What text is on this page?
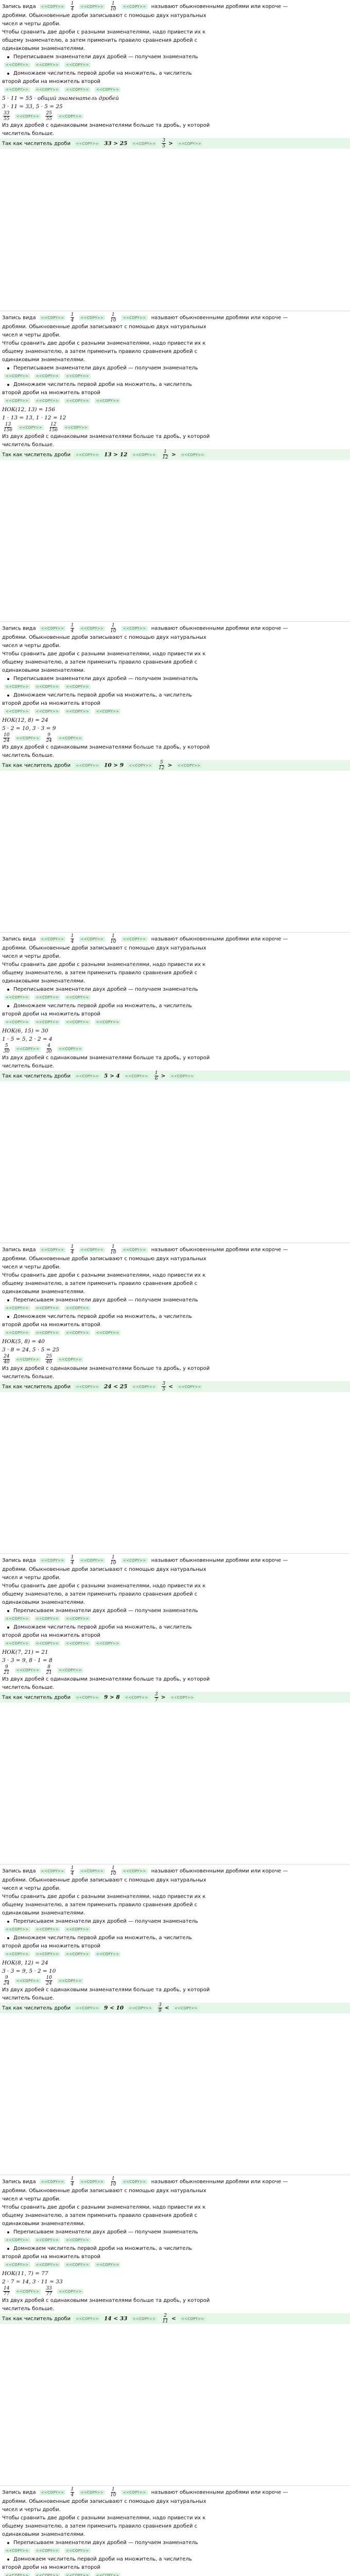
Запись вида <<COPY>> $\frac{1}{4}$ <<COPY>> $\frac{1}{10}$ <<COPY>> называют обыкновенными дробями или короче —

дробями. Обыкновенные дроби записывают с помощью двух натуральных

чисел и черты дроби.

Чтобы сравнить две дроби с разными знаменателями, надо привести их к

общему знаменателю, а затем применить правило сравнения дробей с

одинаковыми знаменателями.

Переписываем знаменатели двух дробей — получаем знаменатель

<<COPY>> <<COPY>> <<COPY>>

Домножаем числитель первой дроби на множитель, а числитель

второй дроби на множитель второй

<<COPY>> <<COPY>> <<COPY>> <<COPY>>

5 · 11 = 55 · общий знаменатель дробей

3 · 11 = 33, 5 · 5 = 25

$\frac{33}{55}$ <<COPY>> $\frac{25}{55}$ <<COPY>>

Из двух дробей с одинаковыми знаменателями больше та дробь, у которой

числитель больше.

Так как числитель дроби <<COPY>> 33 > 25 <<COPY>> $\frac{3}{5}$ > <<COPY>>

Запись вида <<COPY>> $\frac{1}{4}$ <<COPY>> $\frac{1}{10}$ <<COPY>> называют обыкновенными дробями или короче —

дробями. Обыкновенные дроби записывают с помощью двух натуральных

чисел и черты дроби.

Чтобы сравнить две дроби с разными знаменателями, надо привести их к

общему знаменателю, а затем применить правило сравнения дробей с

одинаковыми знаменателями.

Переписываем знаменатели двух дробей — получаем знаменатель

<<COPY>> <<COPY>> <<COPY>>

Домножаем числитель первой дроби на множитель, а числитель

второй дроби на множитель второй

<<COPY>> <<COPY>> <<COPY>> <<COPY>>

НОК(12, 13) = 156

1 · 13 = 13, 1 · 12 = 12

$\frac{13}{156}$ <<COPY>> $\frac{12}{156}$ <<COPY>>

Из двух дробей с одинаковыми знаменателями больше та дробь, у которой

числитель больше.

Так как числитель дроби <<COPY>> 13 > 12 <<COPY>> $\frac{1}{12}$ > <<COPY>>

Запись вида <<COPY>> $\frac{1}{4}$ <<COPY>> $\frac{1}{10}$ <<COPY>> называют обыкновенными дробями или короче —

дробями. Обыкновенные дроби записывают с помощью двух натуральных

чисел и черты дроби.

Чтобы сравнить две дроби с разными знаменателями, надо привести их к

общему знаменателю, а затем применить правило сравнения дробей с

одинаковыми знаменателями.

Переписываем знаменатели двух дробей — получаем знаменатель

<<COPY>> <<COPY>> <<COPY>>

Домножаем числитель первой дроби на множитель, а числитель

второй дроби на множитель второй

<<COPY>> <<COPY>> <<COPY>> <<COPY>>

НОК(12, 8) = 24

5 · 2 = 10, 3 · 3 = 9

$\frac{10}{24}$ <<COPY>> $\frac{9}{24}$ <<COPY>>

Из двух дробей с одинаковыми знаменателями больше та дробь, у которой

числитель больше.

Так как числитель дроби <<COPY>> 10 > 9 <<COPY>> $\frac{5}{12}$ > <<COPY>>

Запись вида <<COPY>> $\frac{1}{4}$ <<COPY>> $\frac{1}{10}$ <<COPY>> называют обыкновенными дробями или короче —

дробями. Обыкновенные дроби записывают с помощью двух натуральных

чисел и черты дроби.

Чтобы сравнить две дроби с разными знаменателями, надо привести их к

общему знаменателю, а затем применить правило сравнения дробей с

одинаковыми знаменателями.

Переписываем знаменатели двух дробей — получаем знаменатель

<<COPY>> <<COPY>> <<COPY>>

Домножаем числитель первой дроби на множитель, а числитель

второй дроби на множитель второй

<<COPY>> <<COPY>> <<COPY>> <<COPY>>

НОК(6, 15) = 30

1 · 5 = 5, 2 · 2 = 4

$\frac{5}{30}$ <<COPY>> $\frac{4}{30}$ <<COPY>>

Из двух дробей с одинаковыми знаменателями больше та дробь, у которой

числитель больше.

Так как числитель дроби <<COPY>> 5 > 4 <<COPY>> $\frac{1}{6}$ > <<COPY>>

Запись вида <<COPY>> $\frac{1}{4}$ <<COPY>> $\frac{1}{10}$ <<COPY>> называют обыкновенными дробями или короче —

дробями. Обыкновенные дроби записывают с помощью двух натуральных

чисел и черты дроби.

Чтобы сравнить две дроби с разными знаменателями, надо привести их к

общему знаменателю, а затем применить правило сравнения дробей с

одинаковыми знаменателями.

Переписываем знаменатели двух дробей — получаем знаменатель

<<COPY>> <<COPY>> <<COPY>>

Домножаем числитель первой дроби на множитель, а числитель

второй дроби на множитель второй

<<COPY>> <<COPY>> <<COPY>> <<COPY>>

НОК(5, 8) = 40

3 · 8 = 24, 5 · 5 = 25

$\frac{24}{40}$ <<COPY>> $\frac{25}{40}$ <<COPY>>

Из двух дробей с одинаковыми знаменателями больше та дробь, у которой

числитель больше.

Так как числитель дроби <<COPY>> 24 < 25 <<COPY>> $\frac{3}{5}$ < <<COPY>>

Запись вида <<COPY>> $\frac{1}{4}$ <<COPY>> $\frac{1}{10}$ <<COPY>> называют обыкновенными дробями или короче —

дробями. Обыкновенные дроби записывают с помощью двух натуральных

чисел и черты дроби.

Чтобы сравнить две дроби с разными знаменателями, надо привести их к

общему знаменателю, а затем применить правило сравнения дробей с

одинаковыми знаменателями.

Переписываем знаменатели двух дробей — получаем знаменатель

<<COPY>> <<COPY>> <<COPY>>

Домножаем числитель первой дроби на множитель, а числитель

второй дроби на множитель второй

<<COPY>> <<COPY>> <<COPY>> <<COPY>>

НОК(7, 21) = 21

3 · 3 = 9, 8 · 1 = 8

$\frac{9}{21}$ <<COPY>> $\frac{8}{21}$ <<COPY>>

Из двух дробей с одинаковыми знаменателями больше та дробь, у которой

числитель больше.

Так как числитель дроби <<COPY>> 9 > 8 <<COPY>> $\frac{3}{7}$ > <<COPY>>

Запись вида <<COPY>> $\frac{1}{4}$ <<COPY>> $\frac{1}{10}$ <<COPY>> называют обыкновенными дробями или короче —

дробями. Обыкновенные дроби записывают с помощью двух натуральных

чисел и черты дроби.

Чтобы сравнить две дроби с разными знаменателями, надо привести их к

общему знаменателю, а затем применить правило сравнения дробей с

одинаковыми знаменателями.

Переписываем знаменатели двух дробей — получаем знаменатель

<<COPY>> <<COPY>> <<COPY>>

Домножаем числитель первой дроби на множитель, а числитель

второй дроби на множитель второй

<<COPY>> <<COPY>> <<COPY>> <<COPY>>

НОК(8, 12) = 24

3 · 3 = 9, 5 · 2 = 10

$\frac{9}{24}$ <<COPY>> $\frac{10}{24}$ <<COPY>>

Из двух дробей с одинаковыми знаменателями больше та дробь, у которой

числитель больше.

Так как числитель дроби <<COPY>> 9 < 10 <<COPY>> $\frac{3}{8}$ < <<COPY>>

Запись вида <<COPY>> $\frac{1}{4}$ <<COPY>> $\frac{1}{10}$ <<COPY>> называют обыкновенными дробями или короче —

дробями. Обыкновенные дроби записывают с помощью двух натуральных

чисел и черты дроби.

Чтобы сравнить две дроби с разными знаменателями, надо привести их к

общему знаменателю, а затем применить правило сравнения дробей с

одинаковыми знаменателями.

Переписываем знаменатели двух дробей — получаем знаменатель

<<COPY>> <<COPY>> <<COPY>>

Домножаем числитель первой дроби на множитель, а числитель

второй дроби на множитель второй

<<COPY>> <<COPY>> <<COPY>> <<COPY>>

НОК(11, 7) = 77

2 · 7 = 14, 3 · 11 = 33

$\frac{14}{77}$ <<COPY>> $\frac{33}{77}$ <<COPY>>

Из двух дробей с одинаковыми знаменателями больше та дробь, у которой

числитель больше.

Так как числитель дроби <<COPY>> 14 < 33 <<COPY>> $\frac{2}{11}$ < <<COPY>>

Запись вида <<COPY>> $\frac{1}{4}$ <<COPY>> $\frac{1}{10}$ <<COPY>> называют обыкновенными дробями или короче —

дробями. Обыкновенные дроби записывают с помощью двух натуральных

чисел и черты дроби.

Чтобы сравнить две дроби с разными знаменателями, надо привести их к

общему знаменателю, а затем применить правило сравнения дробей с

одинаковыми знаменателями.

Переписываем знаменатели двух дробей — получаем знаменатель

<<COPY>> <<COPY>> <<COPY>>

Домножаем числитель первой дроби на множитель, а числитель

второй дроби на множитель второй

<<COPY>> <<COPY>> <<COPY>> <<COPY>>
